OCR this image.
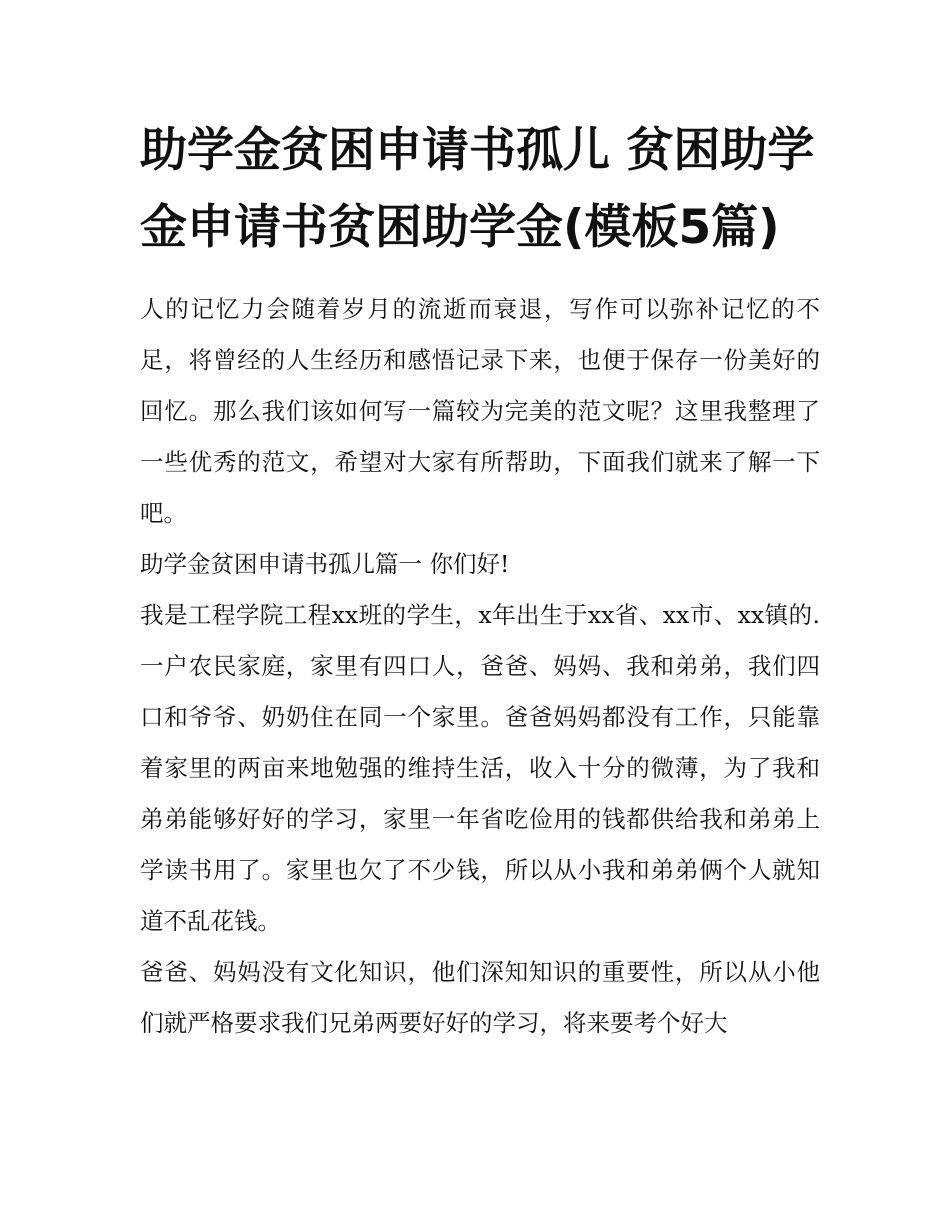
助学金贫困申请书孤儿 贫困助学金申请书贫困助学金(模板5篇)

人的记忆力会随着岁月的流逝而衰退，写作可以弥补记忆的不足，将曾经的人生经历和感悟记录下来，也便于保存一份美好的回忆。那么我们该如何写一篇较为完美的范文呢？这里我整理了一些优秀的范文，希望对大家有所帮助，下面我们就来了解一下吧。

助学金贫困申请书孤儿篇一 你们好!

我是工程学院工程xx班的学生，x年出生于xx省、xx市、xx镇的.一户农民家庭，家里有四口人，爸爸、妈妈、我和弟弟，我们四口和爷爷、奶奶住在同一个家里。爸爸妈妈都没有工作，只能靠着家里的两亩来地勉强的维持生活，收入十分的微薄，为了我和弟弟能够好好的学习，家里一年省吃俭用的钱都供给我和弟弟上学读书用了。家里也欠了不少钱，所以从小我和弟弟俩个人就知道不乱花钱。

爸爸、妈妈没有文化知识，他们深知知识的重要性，所以从小他们就严格要求我们兄弟两要好好的学习，将来要考个好大
